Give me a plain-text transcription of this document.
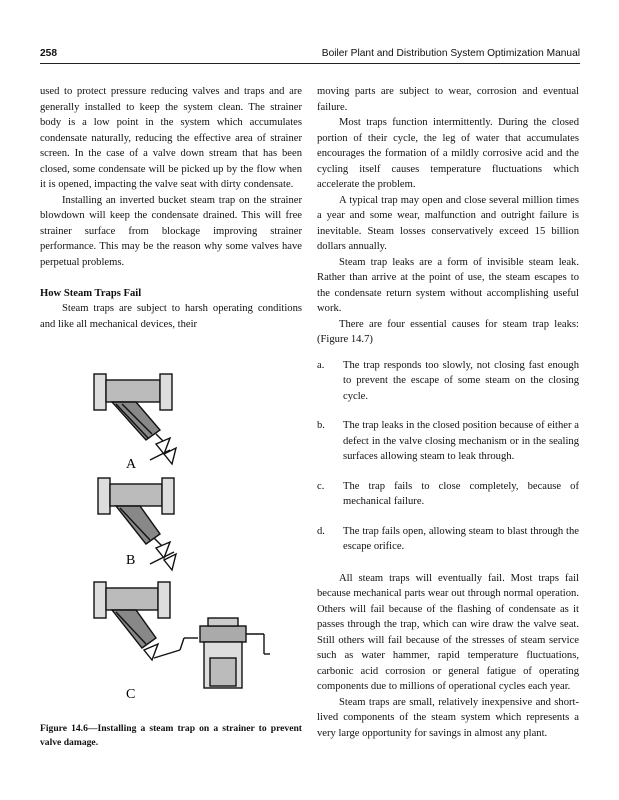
258	Boiler Plant and Distribution System Optimization Manual

used to protect pressure reducing valves and traps and are generally installed to keep the system clean. The strainer body is a low point in the system which accumulates condensate naturally, reducing the effective area of strainer screen. In the case of a valve down stream that has been closed, some condensate will be picked up by the flow when it is opened, impacting the valve seat with dirty condensate.

Installing an inverted bucket steam trap on the strainer blowdown will keep the condensate drained. This will free strainer surface from blockage improving strainer performance. This may be the reason why some valves have perpetual problems.

How Steam Traps Fail

Steam traps are subject to harsh operating conditions and like all mechanical devices, their

A
B
C
Figure 14.6—Installing a steam trap on a strainer to prevent valve damage.

moving parts are subject to wear, corrosion and eventual failure.

Most traps function intermittently. During the closed portion of their cycle, the leg of water that accumulates encourages the formation of a mildly corrosive acid and the cycling itself causes temperature fluctuations which accelerate the problem.

A typical trap may open and close several million times a year and some wear, malfunction and outright failure is inevitable. Steam losses conservatively exceed 15 billion dollars annually.

Steam trap leaks are a form of invisible steam leak. Rather than arrive at the point of use, the steam escapes to the condensate return system without accomplishing useful work.

There are four essential causes for steam trap leaks: (Figure 14.7)

a. The trap responds too slowly, not closing fast enough to prevent the escape of some steam on the closing cycle.
b. The trap leaks in the closed position because of either a defect in the valve closing mechanism or in the sealing surfaces allowing steam to leak through.
c. The trap fails to close completely, because of mechanical failure.
d. The trap fails open, allowing steam to blast through the escape orifice.

All steam traps will eventually fail. Most traps fail because mechanical parts wear out through normal operation. Others will fail because of the flashing of condensate as it passes through the trap, which can wire draw the valve seat. Still others will fail because of the stresses of steam service such as water hammer, rapid temperature fluctuations, carbonic acid corrosion or general fatigue of operating components due to millions of operational cycles each year.

Steam traps are small, relatively inexpensive and short-lived components of the steam system which represents a very large opportunity for savings in almost any plant.
